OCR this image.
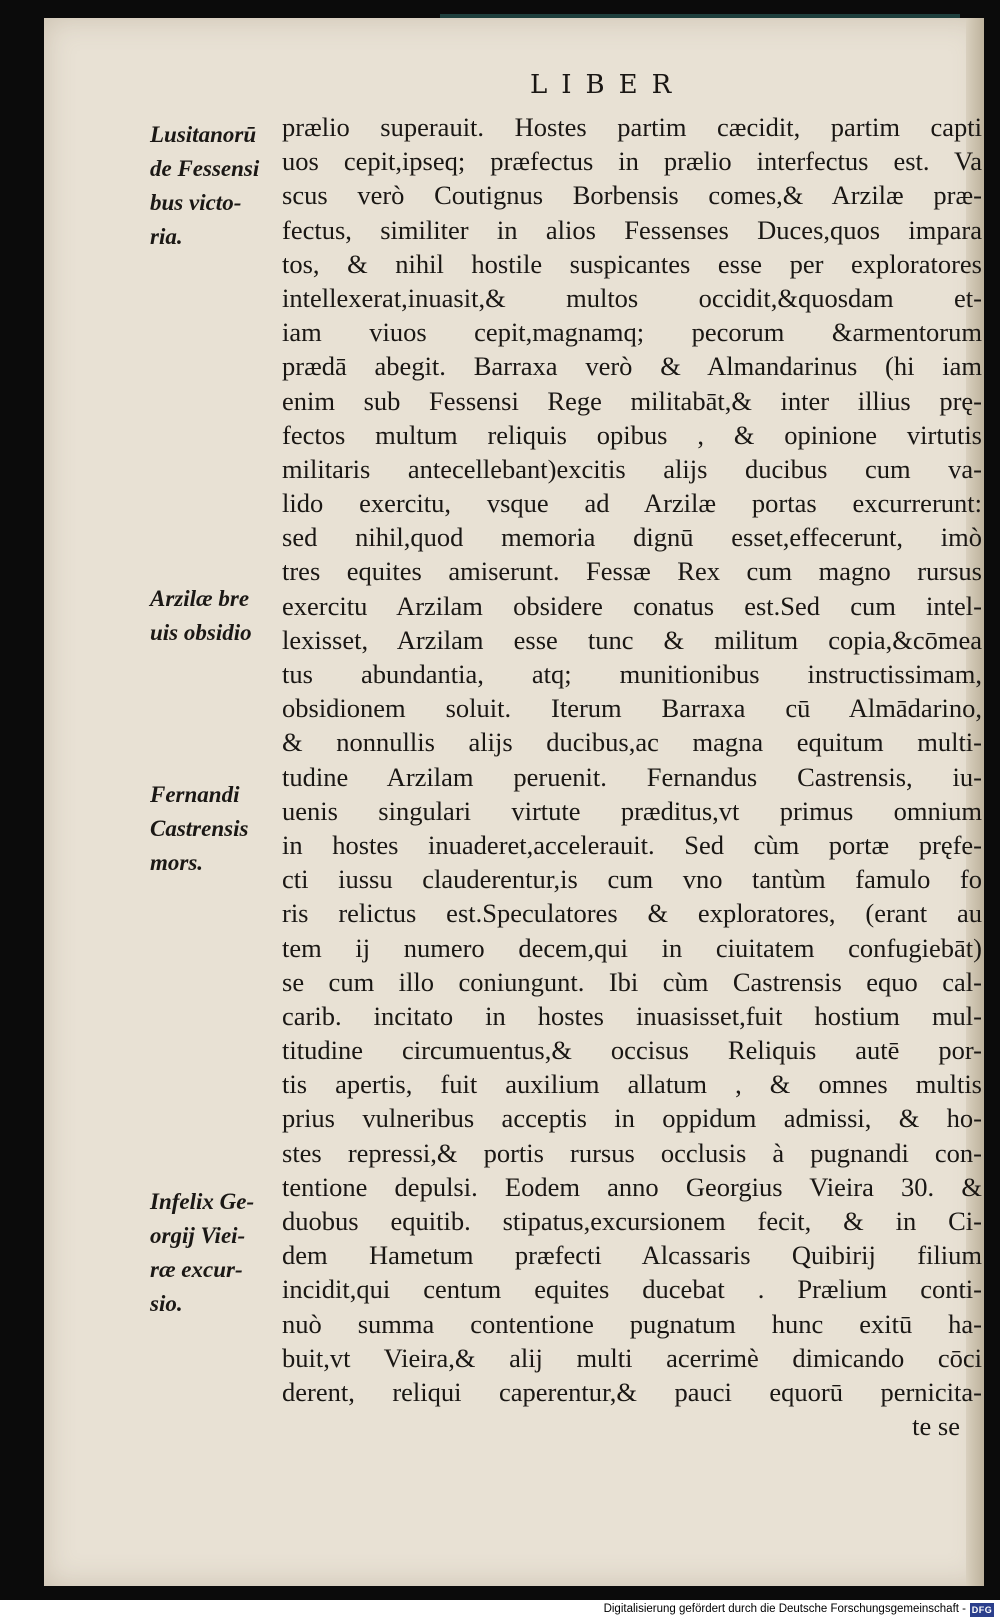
LIBER
Lusitanorū de Fessensi bus victo- ria.
Arzilæ bre uis obsidio
Fernandi Castrensis mors.
Infelix Ge- orgij Viei- ræ excur- sio.
prælio superauit. Hostes partim cæcidit, partim capti
uos cepit,ipseq; præfectus in prælio interfectus est. Va
scus verò Coutignus Borbensis comes,& Arzilæ præ-
fectus, similiter in alios Fessenses Duces,quos impara
tos, & nihil hostile suspicantes esse per exploratores
intellexerat,inuasit,& multos occidit,&quosdam et-
iam viuos cepit,magnamq; pecorum &armentorum
prædā abegit. Barraxa verò & Almandarinus (hi iam
enim sub Fessensi Rege militabāt,& inter illius prę-
fectos multum reliquis opibus , & opinione virtutis
militaris antecellebant)excitis alijs ducibus cum va-
lido exercitu, vsque ad Arzilæ portas excurrerunt:
sed nihil,quod memoria dignū esset,effecerunt, imò
tres equites amiserunt. Fessæ Rex cum magno rursus
exercitu Arzilam obsidere conatus est.Sed cum intel-
lexisset, Arzilam esse tunc & militum copia,&cōmea
tus abundantia, atq; munitionibus instructissimam,
obsidionem soluit. Iterum Barraxa cū Almādarino,
& nonnullis alijs ducibus,ac magna equitum multi-
tudine Arzilam peruenit. Fernandus Castrensis, iu-
uenis singulari virtute præditus,vt primus omnium
in hostes inuaderet,accelerauit. Sed cùm portæ pręfe-
cti iussu clauderentur,is cum vno tantùm famulo fo
ris relictus est.Speculatores & exploratores, (erant au
tem ij numero decem,qui in ciuitatem confugiebāt)
se cum illo coniungunt. Ibi cùm Castrensis equo cal-
carib. incitato in hostes inuasisset,fuit hostium mul-
titudine circumuentus,& occisus Reliquis autē por-
tis apertis, fuit auxilium allatum , & omnes multis
prius vulneribus acceptis in oppidum admissi, & ho-
stes repressi,& portis rursus occlusis à pugnandi con-
tentione depulsi. Eodem anno Georgius Vieira 30. &
duobus equitib. stipatus,excursionem fecit, & in Ci-
dem Hametum præfecti Alcassaris Quibirij filium
incidit,qui centum equites ducebat . Prælium conti-
nuò summa contentione pugnatum hunc exitū ha-
buit,vt Vieira,& alij multi acerrimè dimicando cōci
derent, reliqui caperentur,& pauci equorū pernicita-
te se
Digitalisierung gefördert durch die Deutsche Forschungsgemeinschaft - DFG
